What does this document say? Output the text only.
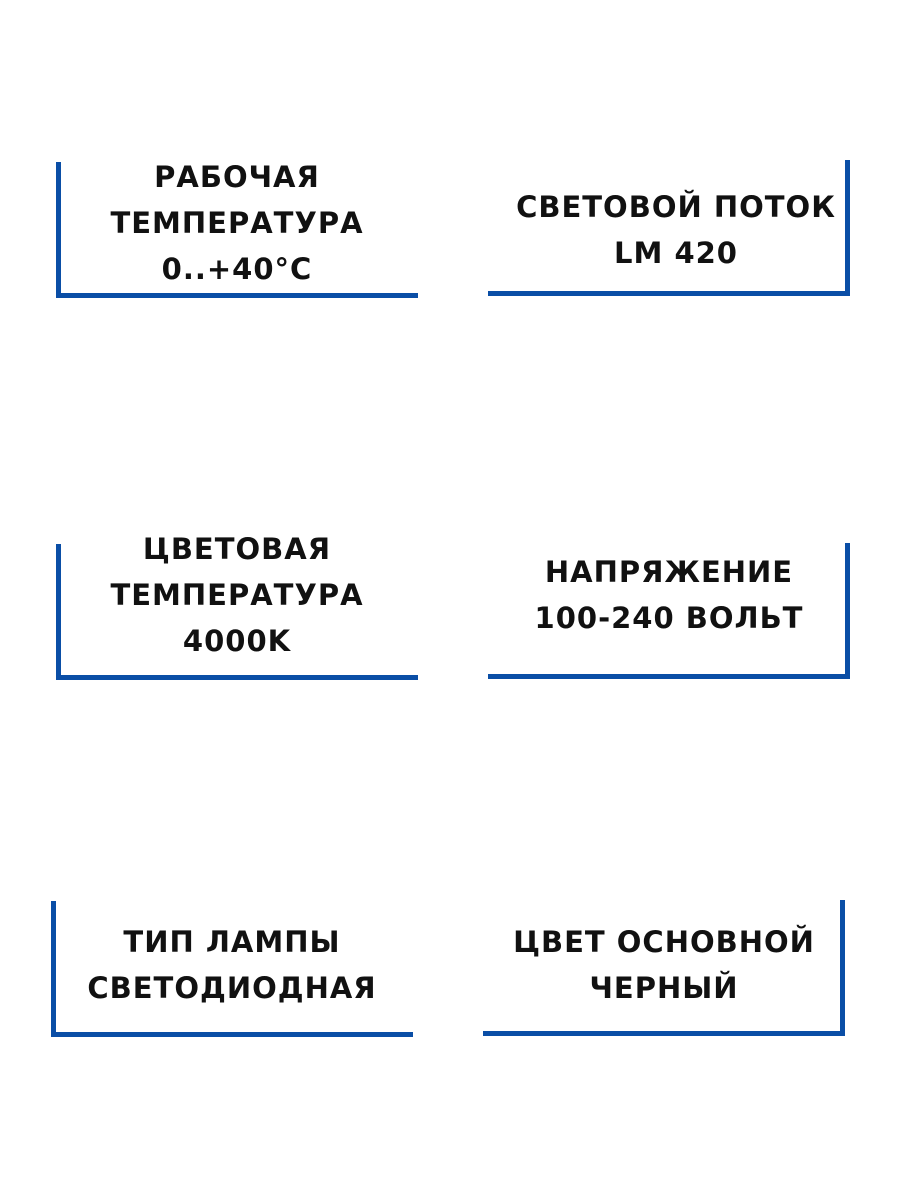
РАБОЧАЯ
ТЕМПЕРАТУРА
0..+40°C
СВЕТОВОЙ ПОТОК
LM 420
ЦВЕТОВАЯ
ТЕМПЕРАТУРА
4000K
НАПРЯЖЕНИЕ
100-240 ВОЛЬТ
ТИП ЛАМПЫ
СВЕТОДИОДНАЯ
ЦВЕТ ОСНОВНОЙ
ЧЕРНЫЙ
